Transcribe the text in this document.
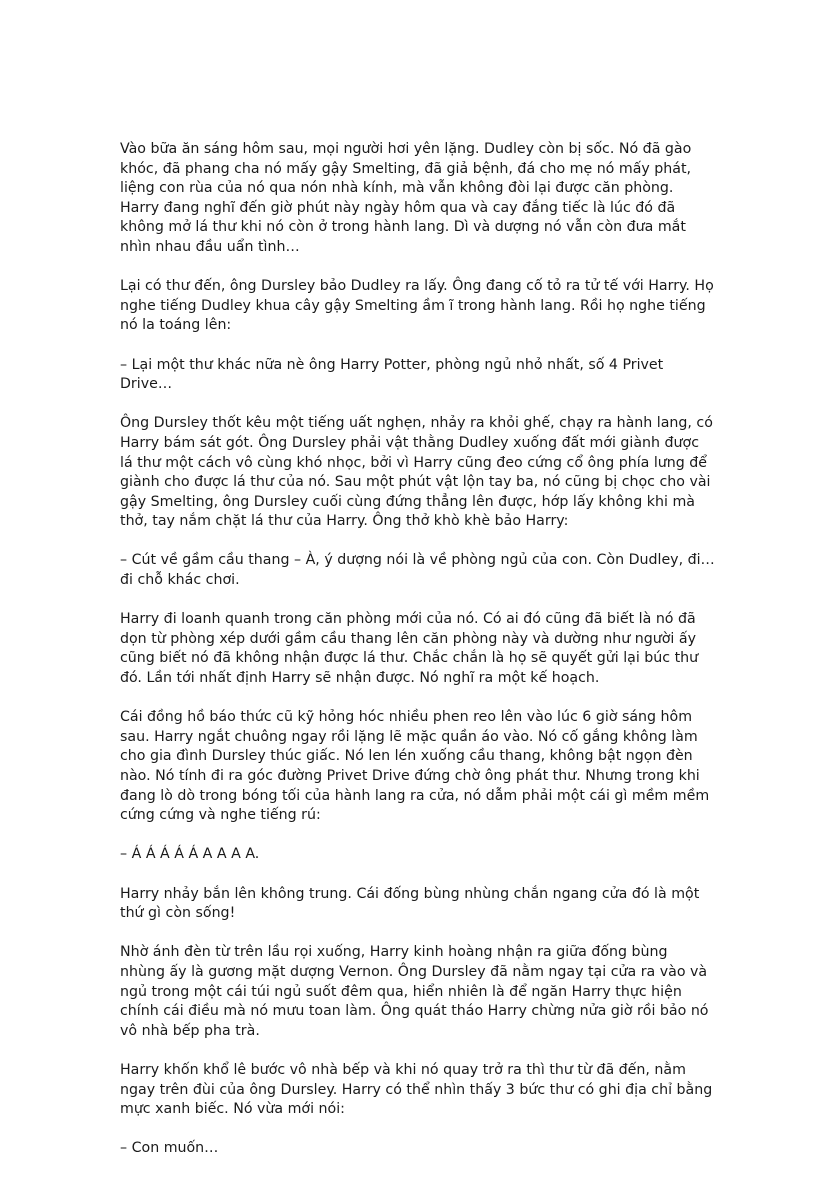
Vào bữa ăn sáng hôm sau, mọi người hơi yên lặng. Dudley còn bị sốc. Nó đã gào khóc, đã phang cha nó mấy gậy Smelting, đã giả bệnh, đá cho mẹ nó mấy phát, liệng con rùa của nó qua nón nhà kính, mà vẫn không đòi lại được căn phòng. Harry đang nghĩ đến giờ phút này ngày hôm qua và cay đắng tiếc là lúc đó đã không mở lá thư khi nó còn ở trong hành lang. Dì và dượng nó vẫn còn đưa mắt nhìn nhau đầu uẩn tình…

Lại có thư đến, ông Dursley bảo Dudley ra lấy. Ông đang cố tỏ ra tử tế với Harry. Họ nghe tiếng Dudley khua cây gậy Smelting ầm ĩ trong hành lang. Rồi họ nghe tiếng nó la toáng lên:

– Lại một thư khác nữa nè ông Harry Potter, phòng ngủ nhỏ nhất, số 4 Privet Drive…

Ông Dursley thốt kêu một tiếng uất nghẹn, nhảy ra khỏi ghế, chạy ra hành lang, có Harry bám sát gót. Ông Dursley phải vật thằng Dudley xuống đất mới giành được lá thư một cách vô cùng khó nhọc, bởi vì Harry cũng đeo cứng cổ ông phía lưng để giành cho được lá thư của nó. Sau một phút vật lộn tay ba, nó cũng bị chọc cho vài gậy Smelting, ông Dursley cuối cùng đứng thẳng lên được, hớp lấy không khi mà thở, tay nắm chặt lá thư của Harry. Ông thở khò khè bảo Harry:

– Cút về gầm cầu thang – À, ý dượng nói là về phòng ngủ của con. Còn Dudley, đi… đi chỗ khác chơi.

Harry đi loanh quanh trong căn phòng mới của nó. Có ai đó cũng đã biết là nó đã dọn từ phòng xép dưới gầm cầu thang lên căn phòng này và dường như người ấy cũng biết nó đã không nhận được lá thư. Chắc chắn là họ sẽ quyết gửi lại búc thư đó. Lần tới nhất định Harry sẽ nhận được. Nó nghĩ ra một kế hoạch.

Cái đồng hồ báo thức cũ kỹ hỏng hóc nhiều phen reo lên vào lúc 6 giờ sáng hôm sau. Harry ngắt chuông ngay rồi lặng lẽ mặc quần áo vào. Nó cố gắng không làm cho gia đình Dursley thúc giấc. Nó len lén xuống cầu thang, không bật ngọn đèn nào. Nó tính đi ra góc đường Privet Drive đứng chờ ông phát thư. Nhưng trong khi đang lò dò trong bóng tối của hành lang ra cửa, nó dẫm phải một cái gì mềm mềm cứng cứng và nghe tiếng rú:

– Á Á Á Á Á A A A A.

Harry nhảy bắn lên không trung. Cái đống bùng nhùng chắn ngang cửa đó là một thứ gì còn sống!

Nhờ ánh đèn từ trên lầu rọi xuống, Harry kinh hoàng nhận ra giữa đống bùng nhùng ấy là gương mặt dượng Vernon. Ông Dursley đã nằm ngay tại cửa ra vào và ngủ trong một cái túi ngủ suốt đêm qua, hiển nhiên là để ngăn Harry thực hiện chính cái điều mà nó mưu toan làm. Ông quát tháo Harry chừng nửa giờ rồi bảo nó vô nhà bếp pha trà.

Harry khốn khổ lê bước vô nhà bếp và khi nó quay trở ra thì thư từ đã đến, nằm ngay trên đùi của ông Dursley. Harry có thể nhìn thấy 3 bức thư có ghi địa chỉ bằng mực xanh biếc. Nó vừa mới nói:

– Con muốn…
